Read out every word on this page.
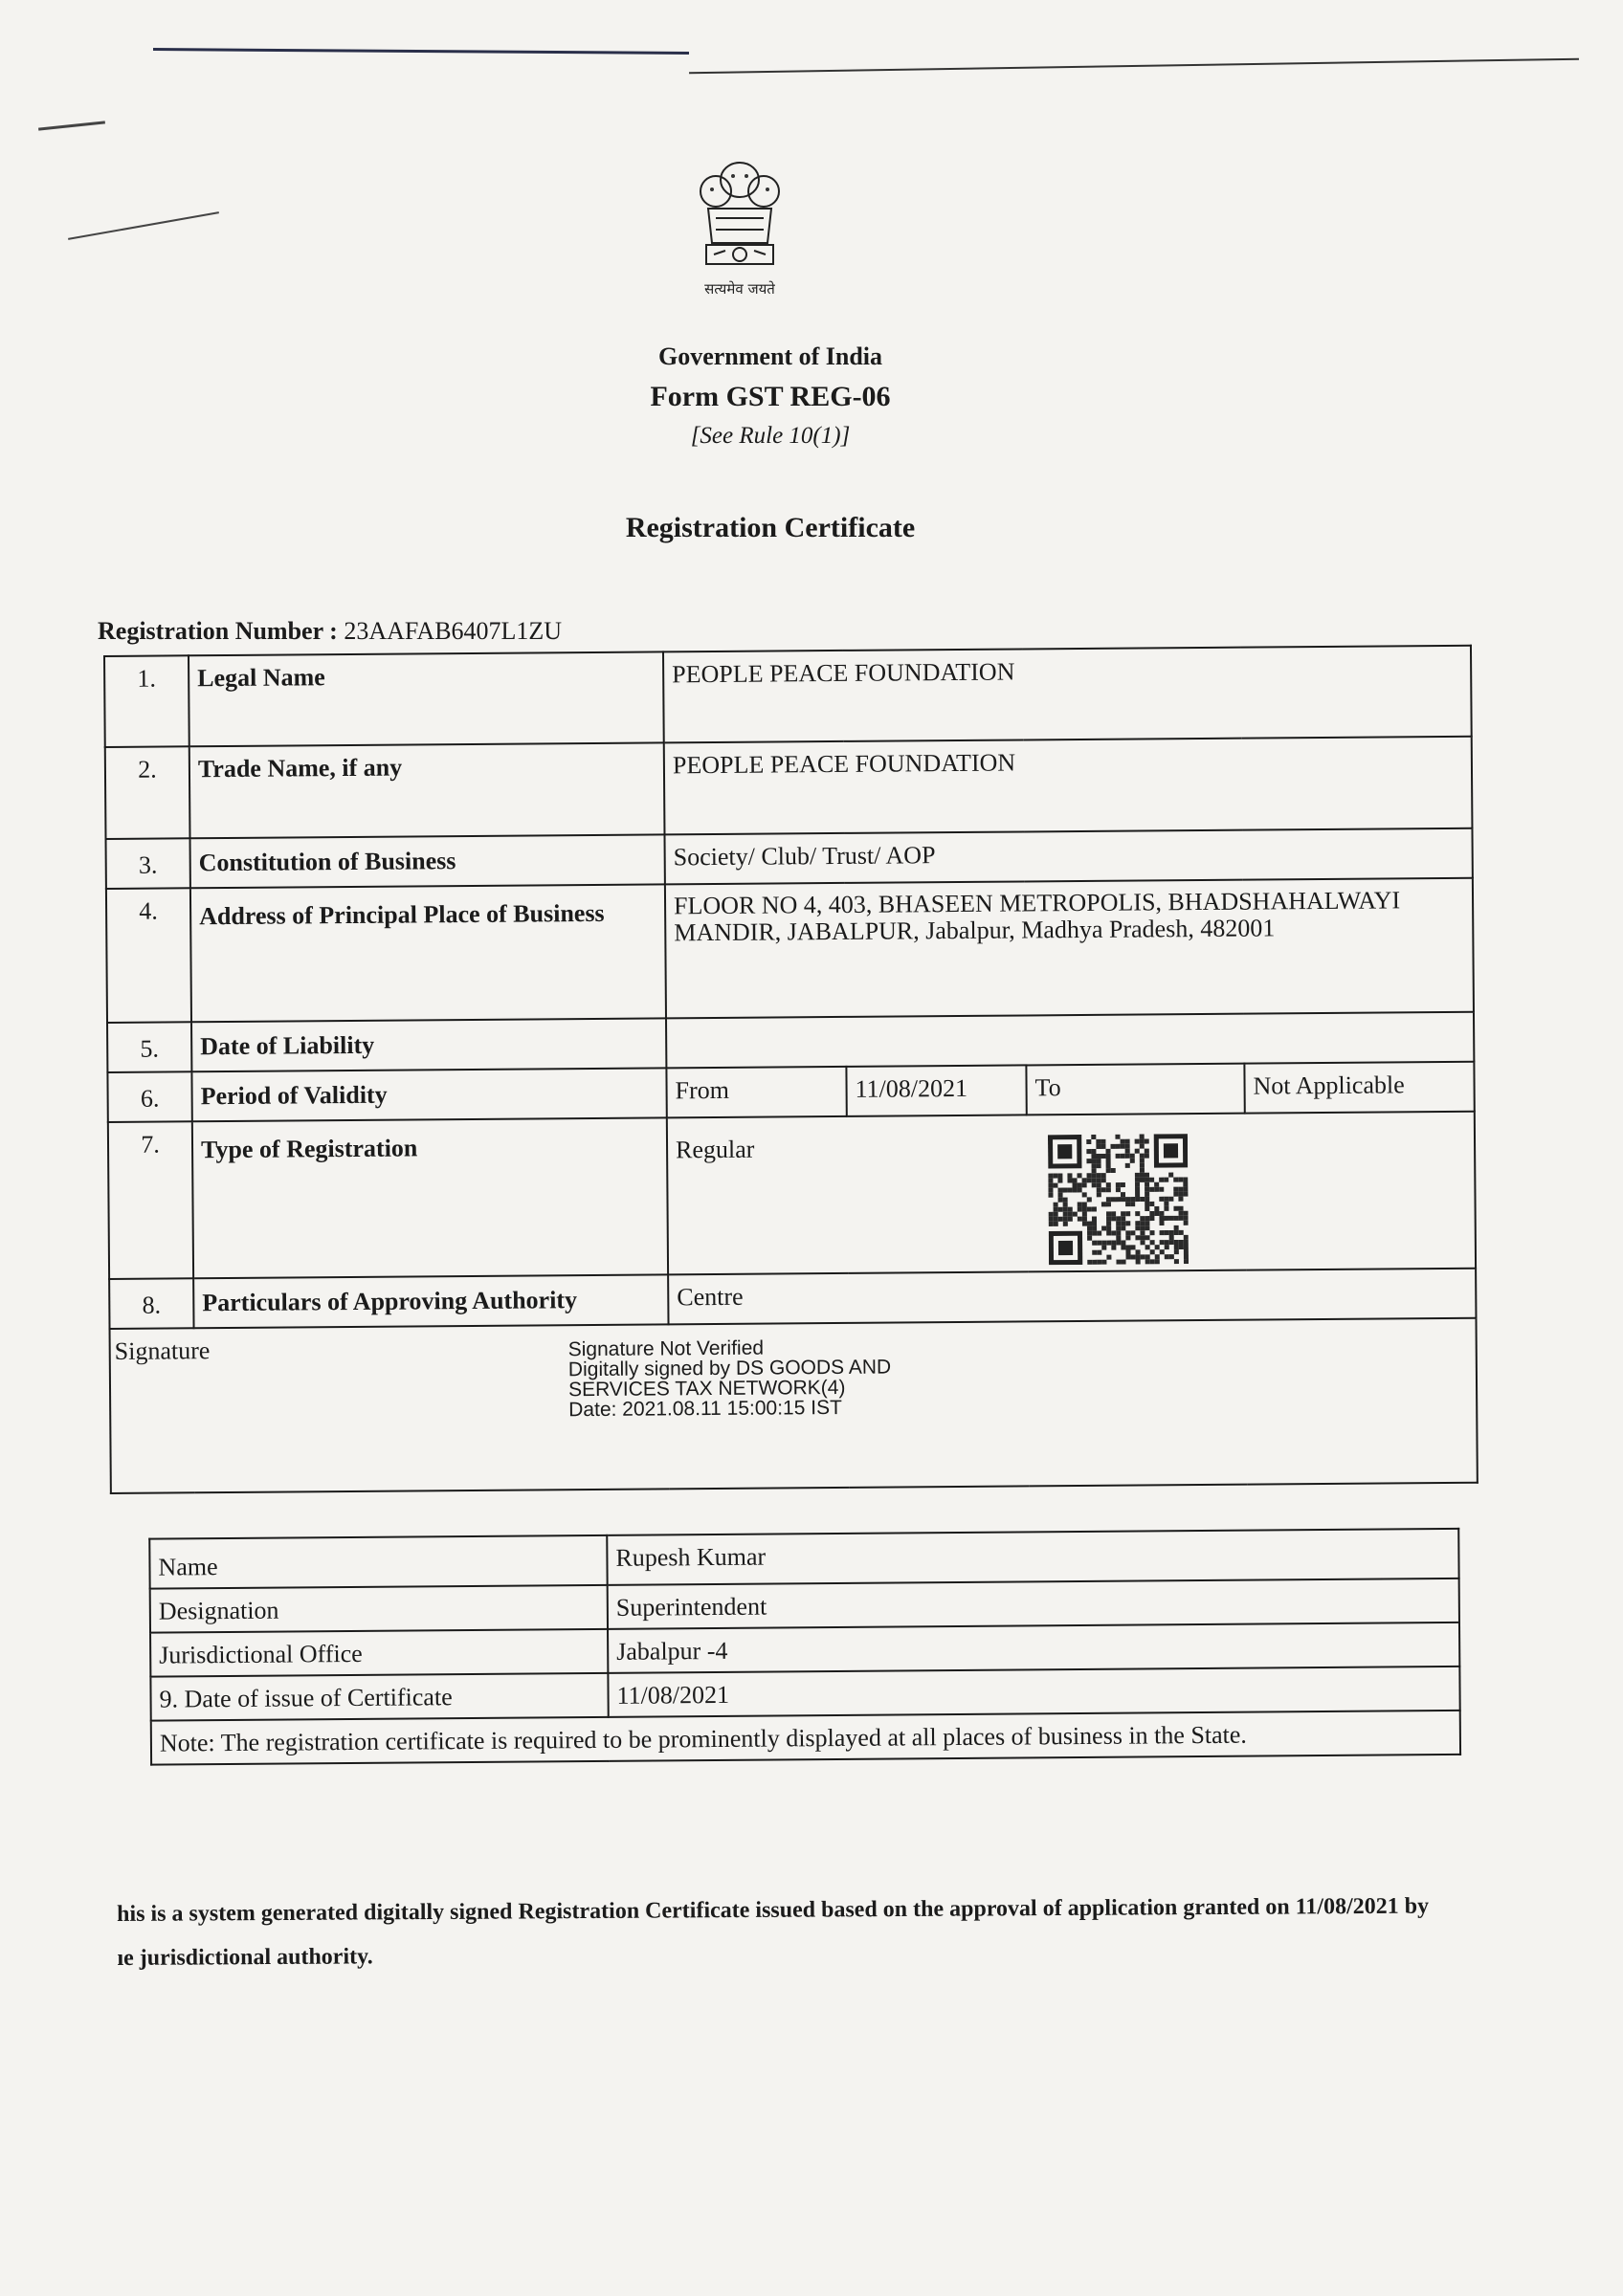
सत्यमेव जयते
Government of India
Form GST REG-06
[See Rule 10(1)]
Registration Certificate
Registration Number : 23AAFAB6407L1ZU
1.	Legal Name	PEOPLE PEACE FOUNDATION			
2.	Trade Name, if any	PEOPLE PEACE FOUNDATION			
3.	Constitution of Business	Society/ Club/ Trust/ AOP			
4.	Address of Principal Place of Business	FLOOR NO 4, 403, BHASEEN METROPOLIS, BHADSHAHALWAYI MANDIR, JABALPUR, Jabalpur, Madhya Pradesh, 482001			
5.	Date of Liability				
6.	Period of Validity	From	11/08/2021	To	Not Applicable
7.	Type of Registration	Regular			
8.	Particulars of Approving Authority	Centre			

Signature Signature Not Verified
Digitally signed by DS GOODS AND
SERVICES TAX NETWORK(4)
Date: 2021.08.11 15:00:15 IST					
Name	Rupesh Kumar
Designation	Superintendent
Jurisdictional Office	Jabalpur -4
9. Date of issue of Certificate	11/08/2021
Note: The registration certificate is required to be prominently displayed at all places of business in the State.	
his is a system generated digitally signed Registration Certificate issued based on the approval of application granted on 11/08/2021 by
ıe jurisdictional authority.
